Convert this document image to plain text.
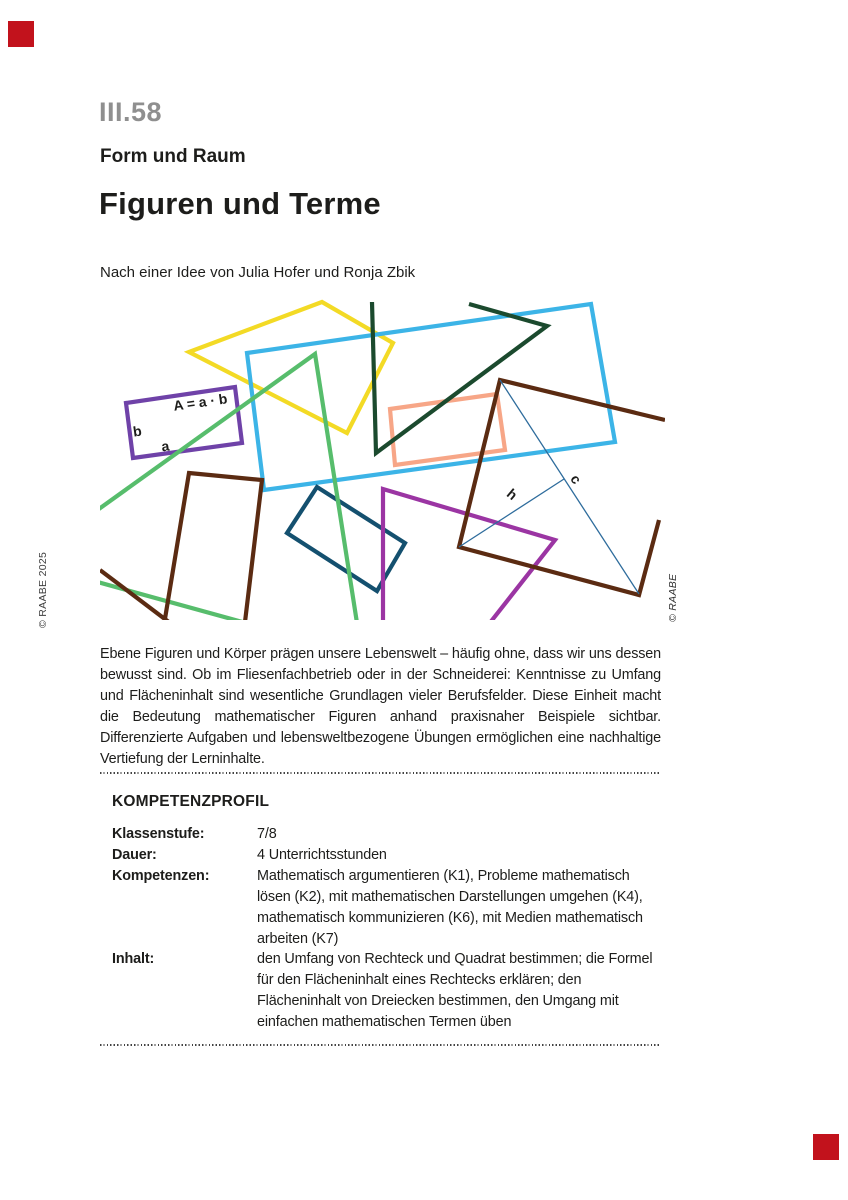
III.58
Form und Raum
Figuren und Terme
Nach einer Idee von Julia Hofer und Ronja Zbik
© RAABE 2025
A = a · b
b
a
h
c
© RAABE
Ebene Figuren und Körper prägen unsere Lebenswelt – häufig ohne, dass wir uns dessen bewusst sind. Ob im Fliesenfachbetrieb oder in der Schneiderei: Kenntnisse zu Umfang und Flächeninhalt sind wesentliche Grundlagen vieler Berufsfelder. Diese Einheit macht die Bedeutung mathematischer Figuren anhand praxisnaher Beispiele sichtbar. Differenzierte Aufgaben und lebensweltbezogene Übungen ermöglichen eine nachhaltige Vertiefung der Lerninhalte.
KOMPETENZPROFIL
Klassenstufe:	7/8
Dauer:	4 Unterrichtsstunden
Kompetenzen:	Mathematisch argumentieren (K1), Probleme mathematisch lösen (K2), mit mathematischen Darstellungen umgehen (K4), mathematisch kommunizieren (K6), mit Medien mathematisch arbeiten (K7)
Inhalt:	den Umfang von Rechteck und Quadrat bestimmen; die Formel für den Flächeninhalt eines Rechtecks erklären; den Flächeninhalt von Dreiecken bestimmen, den Umgang mit einfachen mathematischen Termen üben
